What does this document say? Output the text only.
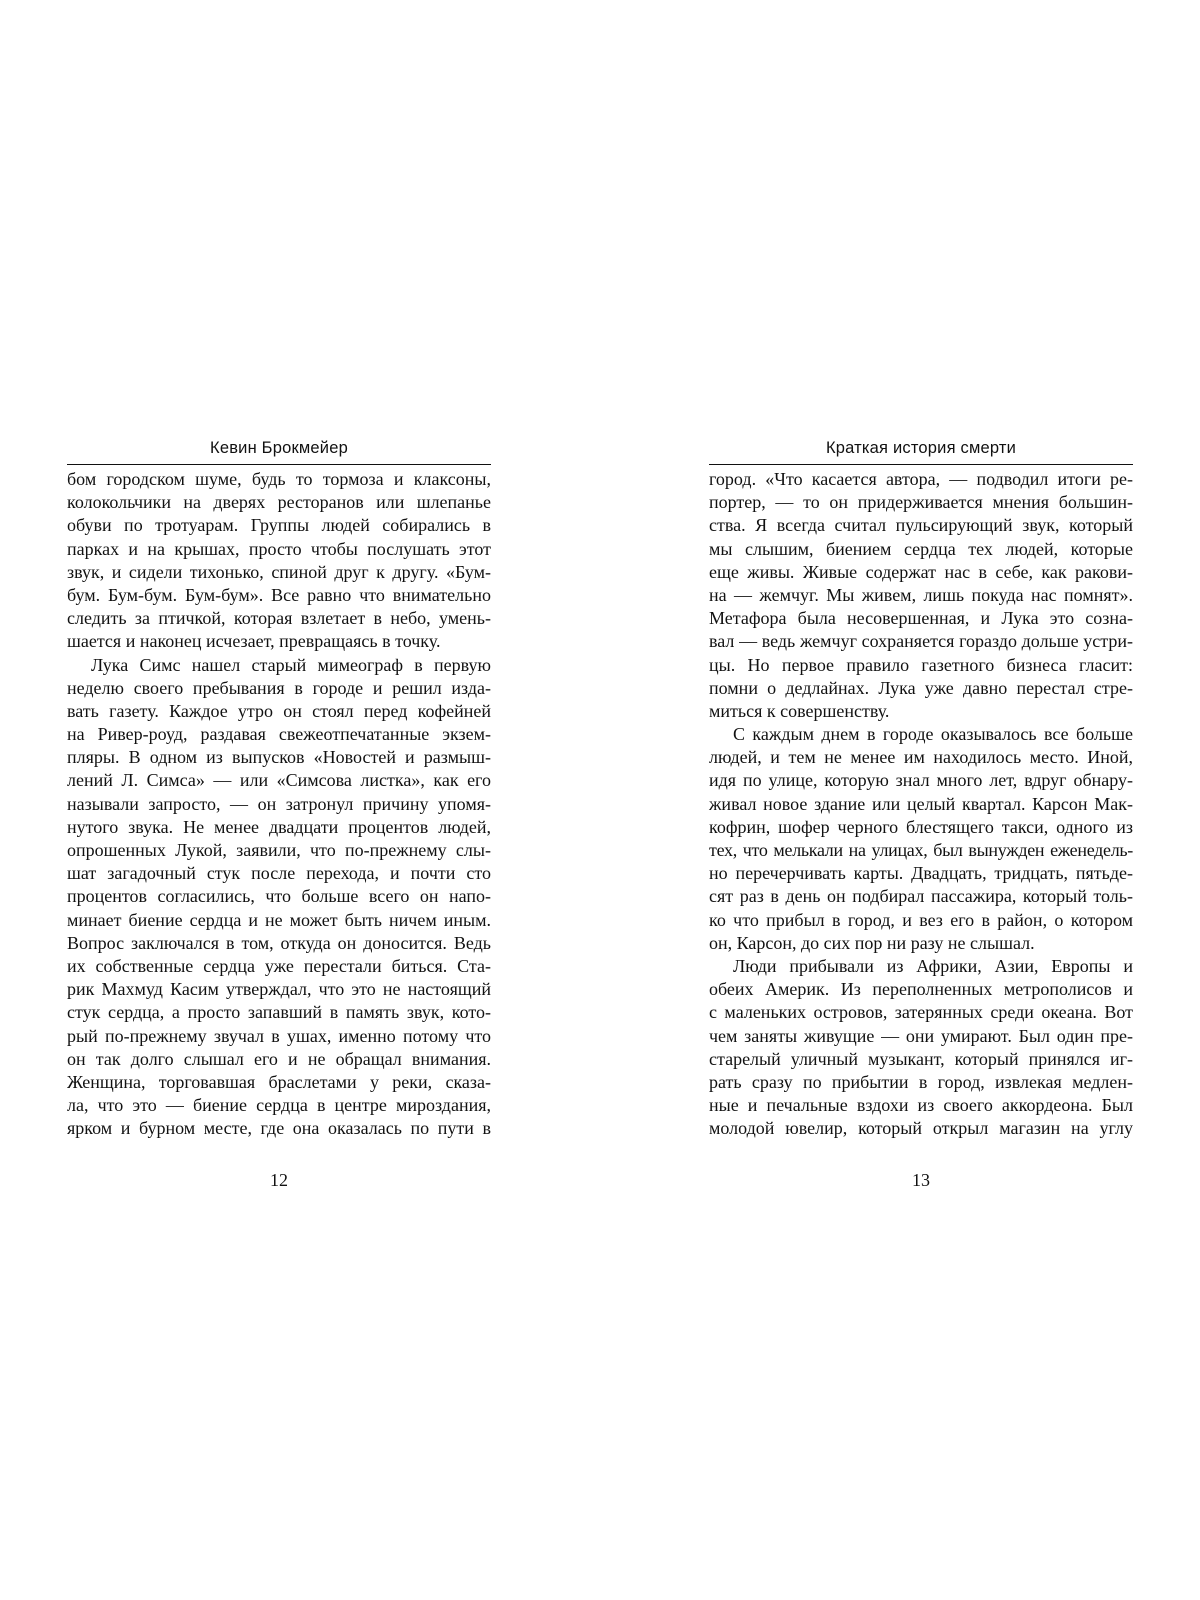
Кевин Брокмейер
бом городском шуме, будь то тормоза и клаксоны,
колокольчики на дверях ресторанов или шлепанье
обуви по тротуарам. Группы людей собирались в
парках и на крышах, просто чтобы послушать этот
звук, и сидели тихонько, спиной друг к другу. «Бум-
бум. Бум-бум. Бум-бум». Все равно что внимательно
следить за птичкой, которая взлетает в небо, умень-
шается и наконец исчезает, превращаясь в точку.
Лука Симс нашел старый мимеограф в первую
неделю своего пребывания в городе и решил изда-
вать газету. Каждое утро он стоял перед кофейней
на Ривер-роуд, раздавая свежеотпечатанные экзем-
пляры. В одном из выпусков «Новостей и размыш-
лений Л. Симса» — или «Симсова листка», как его
называли запросто, — он затронул причину упомя-
нутого звука. Не менее двадцати процентов людей,
опрошенных Лукой, заявили, что по-прежнему слы-
шат загадочный стук после перехода, и почти сто
процентов согласились, что больше всего он напо-
минает биение сердца и не может быть ничем иным.
Вопрос заключался в том, откуда он доносится. Ведь
их собственные сердца уже перестали биться. Ста-
рик Махмуд Касим утверждал, что это не настоящий
стук сердца, а просто запавший в память звук, кото-
рый по-прежнему звучал в ушах, именно потому что
он так долго слышал его и не обращал внимания.
Женщина, торговавшая браслетами у реки, сказа-
ла, что это — биение сердца в центре мироздания,
ярком и бурном месте, где она оказалась по пути в
12
Краткая история смерти
город. «Что касается автора, — подводил итоги ре-
портер, — то он придерживается мнения большин-
ства. Я всегда считал пульсирующий звук, который
мы слышим, биением сердца тех людей, которые
еще живы. Живые содержат нас в себе, как ракови-
на — жемчуг. Мы живем, лишь покуда нас помнят».
Метафора была несовершенная, и Лука это сознa-
вал — ведь жемчуг сохраняется гораздо дольше устри-
цы. Но первое правило газетного бизнеса гласит:
помни о дедлайнах. Лука уже давно перестал стре-
миться к совершенству.
С каждым днем в городе оказывалось все больше
людей, и тем не менее им находилось место. Иной,
идя по улице, которую знал много лет, вдруг обнару-
живал новое здание или целый квартал. Карсон Мак-
кофрин, шофер черного блестящего такси, одного из
тех, что мелькали на улицах, был вынужден еженедель-
но перечерчивать карты. Двадцать, тридцать, пятьде-
сят раз в день он подбирал пассажира, который толь-
ко что прибыл в город, и вез его в район, о котором
он, Карсон, до сих пор ни разу не слышал.
Люди прибывали из Африки, Азии, Европы и
обеих Америк. Из переполненных метрополисов и
с маленьких островов, затерянных среди океана. Вот
чем заняты живущие — они умирают. Был один пре-
старелый уличный музыкант, который принялся иг-
рать сразу по прибытии в город, извлекая медлен-
ные и печальные вздохи из своего аккордеона. Был
молодой ювелир, который открыл магазин на углу
13
